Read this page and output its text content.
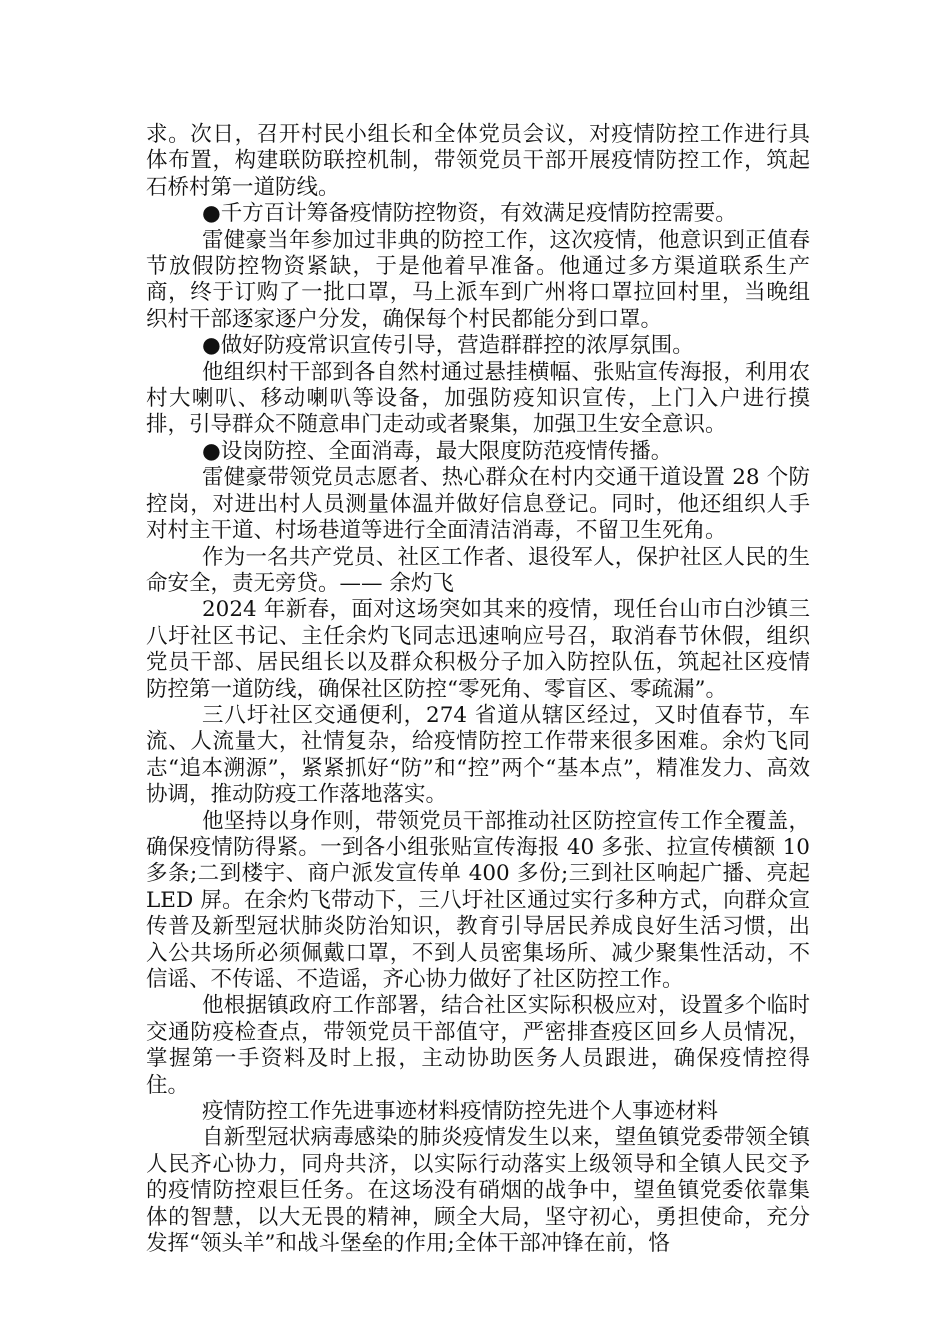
求。次日，召开村民小组长和全体党员会议，对疫情防控工作进行具体布置，构建联防联控机制，带领党员干部开展疫情防控工作，筑起石桥村第一道防线。

●千方百计筹备疫情防控物资，有效满足疫情防控需要。

雷健豪当年参加过非典的防控工作，这次疫情，他意识到正值春节放假防控物资紧缺，于是他着早准备。他通过多方渠道联系生产商，终于订购了一批口罩，马上派车到广州将口罩拉回村里，当晚组织村干部逐家逐户分发，确保每个村民都能分到口罩。

●做好防疫常识宣传引导，营造群群控的浓厚氛围。

他组织村干部到各自然村通过悬挂横幅、张贴宣传海报，利用农村大喇叭、移动喇叭等设备，加强防疫知识宣传，上门入户进行摸排，引导群众不随意串门走动或者聚集，加强卫生安全意识。

●设岗防控、全面消毒，最大限度防范疫情传播。

雷健豪带领党员志愿者、热心群众在村内交通干道设置 28 个防控岗，对进出村人员测量体温并做好信息登记。同时，他还组织人手对村主干道、村场巷道等进行全面清洁消毒，不留卫生死角。

作为一名共产党员、社区工作者、退役军人，保护社区人民的生命安全，责无旁贷。—— 余灼飞

2024 年新春，面对这场突如其来的疫情，现任台山市白沙镇三八圩社区书记、主任余灼飞同志迅速响应号召，取消春节休假，组织党员干部、居民组长以及群众积极分子加入防控队伍，筑起社区疫情防控第一道防线，确保社区防控“零死角、零盲区、零疏漏”。

三八圩社区交通便利，274 省道从辖区经过，又时值春节，车流、人流量大，社情复杂，给疫情防控工作带来很多困难。余灼飞同志“追本溯源”，紧紧抓好“防”和“控”两个“基本点”，精准发力、高效协调，推动防疫工作落地落实。

他坚持以身作则，带领党员干部推动社区防控宣传工作全覆盖，确保疫情防得紧。一到各小组张贴宣传海报 40 多张、拉宣传横额 10 多条;二到楼宇、商户派发宣传单 400 多份;三到社区响起广播、亮起 LED 屏。在余灼飞带动下，三八圩社区通过实行多种方式，向群众宣传普及新型冠状肺炎防治知识，教育引导居民养成良好生活习惯，出入公共场所必须佩戴口罩，不到人员密集场所、减少聚集性活动，不信谣、不传谣、不造谣，齐心协力做好了社区防控工作。

他根据镇政府工作部署，结合社区实际积极应对，设置多个临时交通防疫检查点，带领党员干部值守，严密排查疫区回乡人员情况，掌握第一手资料及时上报，主动协助医务人员跟进，确保疫情控得住。

疫情防控工作先进事迹材料疫情防控先进个人事迹材料

自新型冠状病毒感染的肺炎疫情发生以来，望鱼镇党委带领全镇人民齐心协力，同舟共济，以实际行动落实上级领导和全镇人民交予的疫情防控艰巨任务。在这场没有硝烟的战争中，望鱼镇党委依靠集体的智慧，以大无畏的精神，顾全大局，坚守初心，勇担使命，充分发挥“领头羊”和战斗堡垒的作用;全体干部冲锋在前，恪
